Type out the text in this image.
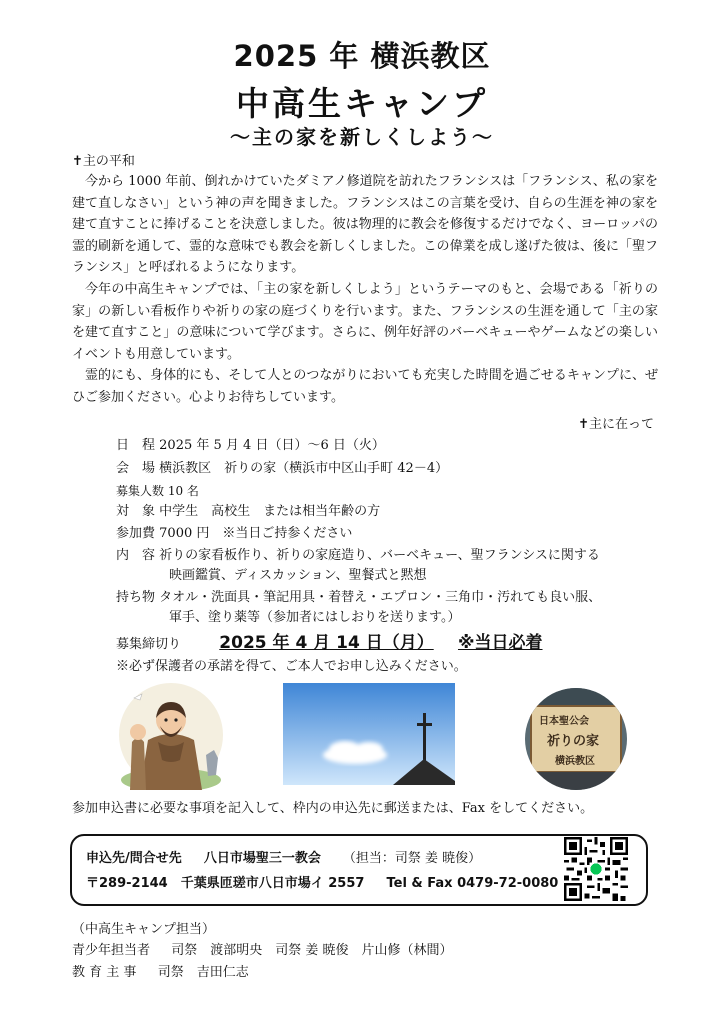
2025 年 横浜教区
中高生キャンプ
〜主の家を新しくしよう〜
✝主の平和
今から 1000 年前、倒れかけていたダミアノ修道院を訪れたフランシスは「フランシス、私の家を建て直しなさい」という神の声を聞きました。フランシスはこの言葉を受け、自らの生涯を神の家を建て直すことに捧げることを決意しました。彼は物理的に教会を修復するだけでなく、ヨーロッパの霊的刷新を通して、霊的な意味でも教会を新しくしました。この偉業を成し遂げた彼は、後に「聖フランシス」と呼ばれるようになります。
今年の中高生キャンプでは、「主の家を新しくしよう」というテーマのもと、会場である「祈りの家」の新しい看板作りや祈りの家の庭づくりを行います。また、フランシスの生涯を通して「主の家を建て直すこと」の意味について学びます。さらに、例年好評のバーベキューやゲームなどの楽しいイベントも用意しています。
霊的にも、身体的にも、そして人とのつながりにおいても充実した時間を過ごせるキャンプに、ぜひご参加ください。心よりお待ちしています。
✝主に在って
日　程 2025 年 5 月 4 日（日）〜6 日（火）
会　場 横浜教区　祈りの家（横浜市中区山手町 42－4）
募集人数 10 名
対　象 中学生　高校生　または相当年齢の方
参加費 7000 円　※当日ご持参ください
内　容 祈りの家看板作り、祈りの家庭造り、バーベキュー、聖フランシスに関する
映画鑑賞、ディスカッション、聖餐式と黙想
持ち物 タオル・洗面具・筆記用具・着替え・エプロン・三角巾・汚れても良い服、
軍手、塗り薬等（参加者にはしおりを送ります。）
募集締切り 2025 年 4 月 14 日（月） ※当日必着
※必ず保護者の承諾を得て、ご本人でお申し込みください。
日本聖公会
祈りの家
横浜教区
参加申込書に必要な事項を記入して、枠内の申込先に郵送または、Fax をしてください。
申込先/問合せ先 八日市場聖三一教会 （担当：司祭 姜 暁俊）
〒289-2144　千葉県匝瑳市八日市場イ 2557 Tel & Fax 0479-72-0080
（中高生キャンプ担当）
青少年担当者 司祭　渡部明央　司祭 姜 暁俊　片山修（林間）
教 育 主 事 司祭　吉田仁志
